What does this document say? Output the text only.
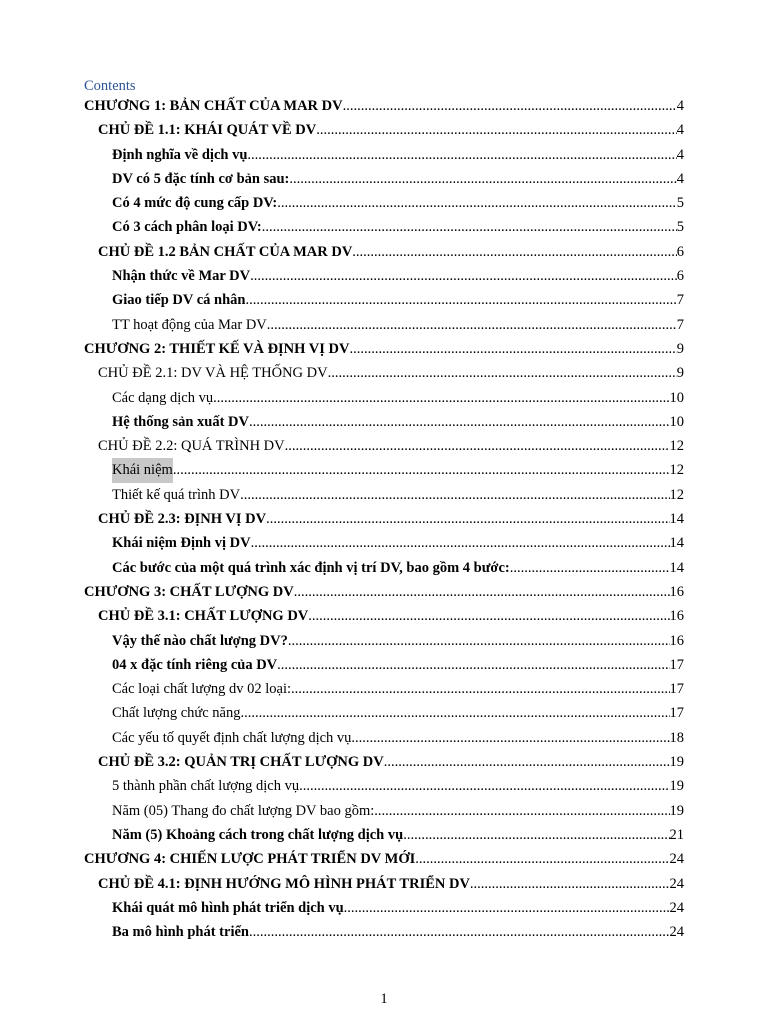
Contents
CHƯƠNG 1: BẢN CHẤT CỦA MAR DV .....	4
CHỦ ĐỀ 1.1: KHÁI QUÁT VỀ DV .....	4
Định nghĩa về dịch vụ .....	4
DV có 5 đặc tính cơ bản sau: .....	4
Có 4 mức độ cung cấp DV: .....	5
Có 3 cách phân loại DV: .....	5
CHỦ ĐỀ 1.2 BẢN CHẤT CỦA MAR DV .....	6
Nhận thức về Mar DV .....	6
Giao tiếp DV cá nhân .....	7
TT hoạt động của Mar DV .....	7
CHƯƠNG 2: THIẾT KẾ VÀ ĐỊNH VỊ DV .....	9
CHỦ ĐỀ 2.1: DV VÀ HỆ THỐNG DV .....	9
Các dạng dịch vụ .....	10
Hệ thống sản xuất DV .....	10
CHỦ ĐỀ 2.2: QUÁ TRÌNH DV .....	12
Khái niệm .....	12
Thiết kế quá trình DV .....	12
CHỦ ĐỀ 2.3: ĐỊNH VỊ DV .....	14
Khái niệm Định vị DV .....	14
Các bước của một quá trình xác định vị trí DV, bao gồm 4 bước: .....	14
CHƯƠNG 3: CHẤT LƯỢNG DV .....	16
CHỦ ĐỀ 3.1: CHẤT LƯỢNG DV .....	16
Vậy thế nào chất lượng DV? .....	16
04 x đặc tính riêng của DV .....	17
Các loại chất lượng dv 02 loại: .....	17
Chất lượng chức năng .....	17
Các yếu tố quyết định chất lượng dịch vụ .....	18
CHỦ ĐỀ 3.2: QUẢN TRỊ CHẤT LƯỢNG DV .....	19
5 thành phần chất lượng dịch vụ .....	19
Năm (05) Thang đo chất lượng DV bao gồm: .....	19
Năm (5) Khoảng cách trong chất lượng dịch vụ .....	21
CHƯƠNG 4: CHIẾN LƯỢC PHÁT TRIỂN DV MỚI .....	24
CHỦ ĐỀ 4.1: ĐỊNH HƯỚNG MÔ HÌNH PHÁT TRIỂN DV .....	24
Khái quát mô hình phát triển dịch vụ .....	24
Ba mô hình phát triển .....	24
1
